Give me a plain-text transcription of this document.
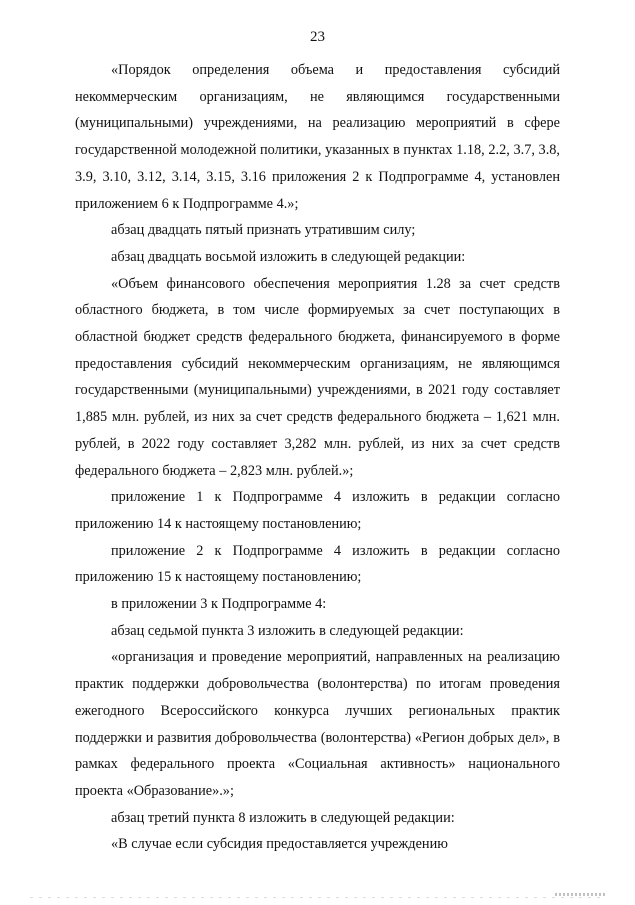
23

«Порядок определения объема и предоставления субсидий некоммерческим организациям, не являющимся государственными (муниципальными) учреждениями, на реализацию мероприятий в сфере государственной молодежной политики, указанных в пунктах 1.18, 2.2, 3.7, 3.8, 3.9, 3.10, 3.12, 3.14, 3.15, 3.16 приложения 2 к Подпрограмме 4, установлен приложением 6 к Подпрограмме 4.»;

абзац двадцать пятый признать утратившим силу;

абзац двадцать восьмой изложить в следующей редакции:

«Объем финансового обеспечения мероприятия 1.28 за счет средств областного бюджета, в том числе формируемых за счет поступающих в областной бюджет средств федерального бюджета, финансируемого в форме предоставления субсидий некоммерческим организациям, не являющимся государственными (муниципальными) учреждениями, в 2021 году составляет 1,885 млн. рублей, из них за счет средств федерального бюджета – 1,621 млн. рублей, в 2022 году составляет 3,282 млн. рублей, из них за счет средств федерального бюджета – 2,823 млн. рублей.»;

приложение 1 к Подпрограмме 4 изложить в редакции согласно приложению 14 к настоящему постановлению;

приложение 2 к Подпрограмме 4 изложить в редакции согласно приложению 15 к настоящему постановлению;

в приложении 3 к Подпрограмме 4:

абзац седьмой пункта 3 изложить в следующей редакции:

«организация и проведение мероприятий, направленных на реализацию практик поддержки добровольчества (волонтерства) по итогам проведения ежегодного Всероссийского конкурса лучших региональных практик поддержки и развития добровольчества (волонтерства) «Регион добрых дел», в рамках федерального проекта «Социальная активность» национального проекта «Образование».»;

абзац третий пункта 8 изложить в следующей редакции:

«В случае если субсидия предоставляется учреждению
